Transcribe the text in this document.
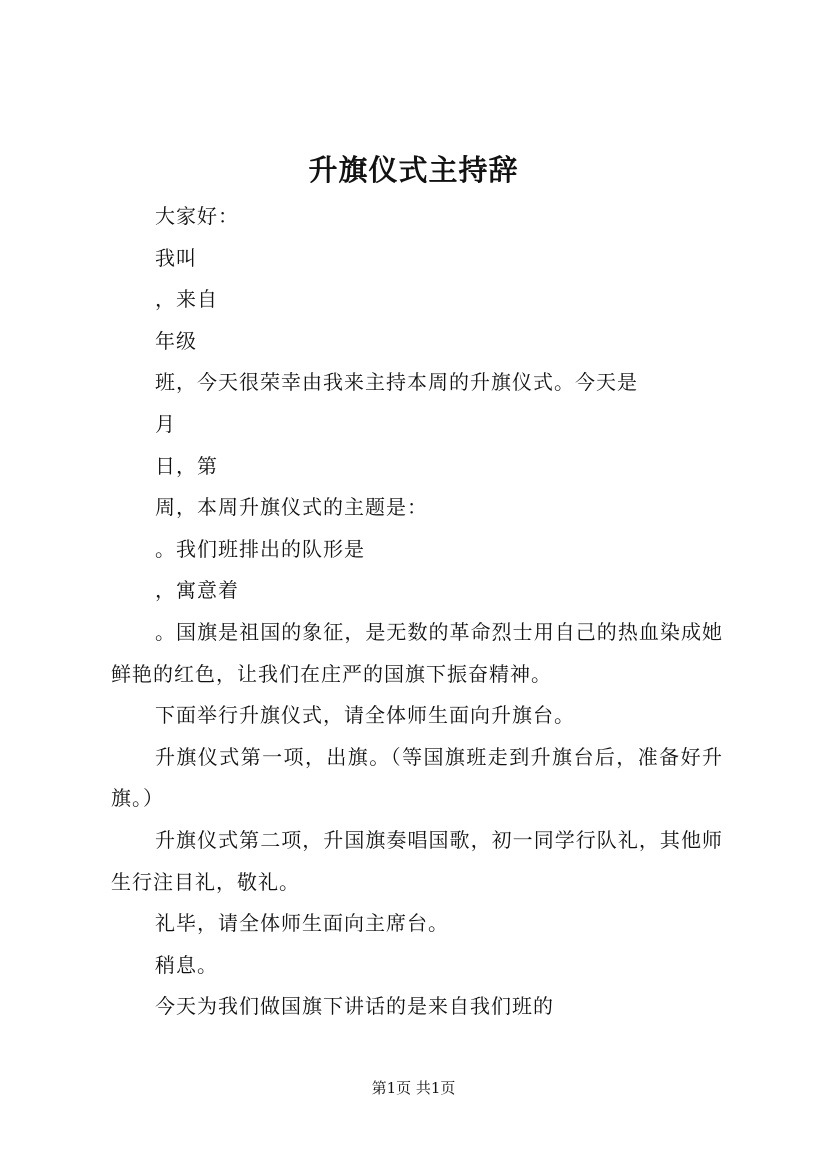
升旗仪式主持辞

大家好：

我叫

，来自

年级

班，今天很荣幸由我来主持本周的升旗仪式。今天是

月

日，第

周，本周升旗仪式的主题是：

。我们班排出的队形是

，寓意着

。国旗是祖国的象征，是无数的革命烈士用自己的热血染成她鲜艳的红色，让我们在庄严的国旗下振奋精神。

下面举行升旗仪式，请全体师生面向升旗台。

升旗仪式第一项，出旗。（等国旗班走到升旗台后，准备好升旗。）

升旗仪式第二项，升国旗奏唱国歌，初一同学行队礼，其他师生行注目礼，敬礼。

礼毕，请全体师生面向主席台。

稍息。

今天为我们做国旗下讲话的是来自我们班的

第1页 共1页
